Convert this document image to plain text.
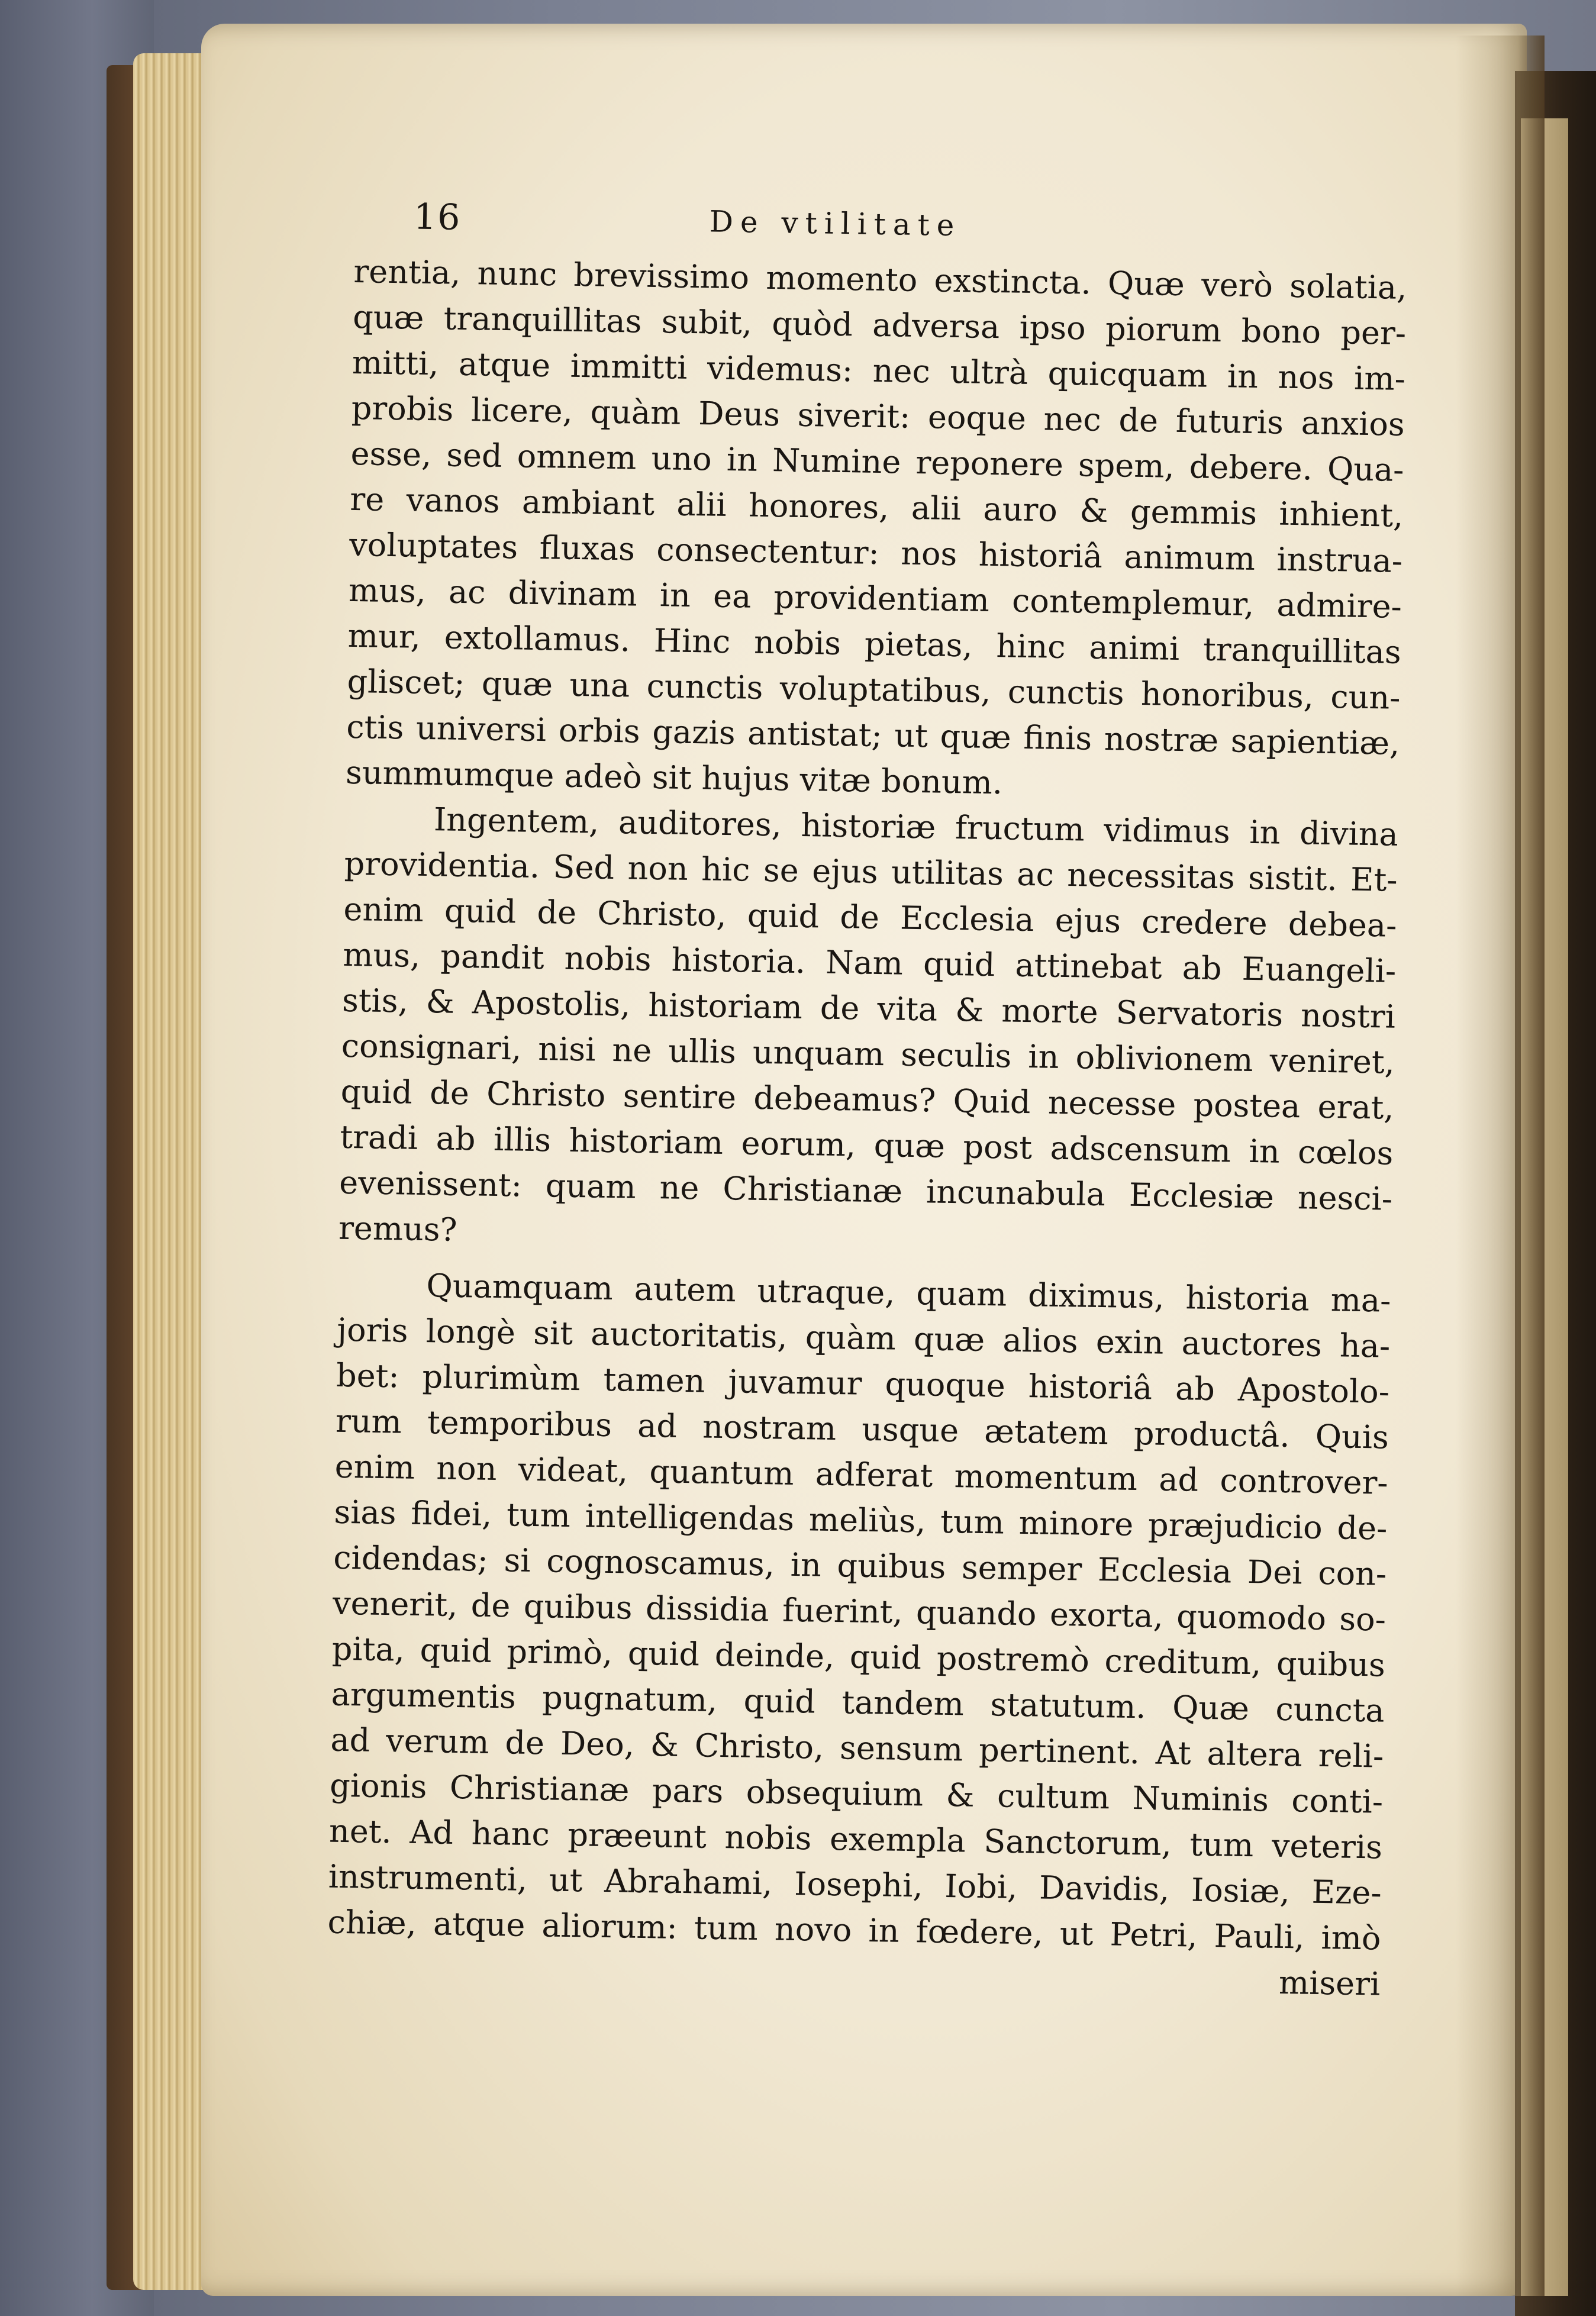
16	De vtilitate
rentia, nunc brevissimo momento exstincta. Quæ verò solatia,
quæ tranquillitas subit, quòd adversa ipso piorum bono per-
mitti, atque immitti videmus: nec ultrà quicquam in nos im-
probis licere, quàm Deus siverit: eoque nec de futuris anxios
esse, sed omnem uno in Numine reponere spem, debere. Qua-
re vanos ambiant alii honores, alii auro & gemmis inhient,
voluptates fluxas consectentur: nos historiâ animum instrua-
mus, ac divinam in ea providentiam contemplemur, admire-
mur, extollamus. Hinc nobis pietas, hinc animi tranquillitas
gliscet; quæ una cunctis voluptatibus, cunctis honoribus, cun-
ctis universi orbis gazis antistat; ut quæ finis nostræ sapientiæ,
summumque adeò sit hujus vitæ bonum.
Ingentem, auditores, historiæ fructum vidimus in divina
providentia. Sed non hic se ejus utilitas ac necessitas sistit. Et-
enim quid de Christo, quid de Ecclesia ejus credere debea-
mus, pandit nobis historia. Nam quid attinebat ab Euangeli-
stis, & Apostolis, historiam de vita & morte Servatoris nostri
consignari, nisi ne ullis unquam seculis in oblivionem veniret,
quid de Christo sentire debeamus? Quid necesse postea erat,
tradi ab illis historiam eorum, quæ post adscensum in cœlos
evenissent: quam ne Christianæ incunabula Ecclesiæ nesci-
remus?
Quamquam autem utraque, quam diximus, historia ma-
joris longè sit auctoritatis, quàm quæ alios exin auctores ha-
bet: plurimùm tamen juvamur quoque historiâ ab Apostolo-
rum temporibus ad nostram usque ætatem productâ. Quis
enim non videat, quantum adferat momentum ad controver-
sias fidei, tum intelligendas meliùs, tum minore præjudicio de-
cidendas; si cognoscamus, in quibus semper Ecclesia Dei con-
venerit, de quibus dissidia fuerint, quando exorta, quomodo so-
pita, quid primò, quid deinde, quid postremò creditum, quibus
argumentis pugnatum, quid tandem statutum. Quæ cuncta
ad verum de Deo, & Christo, sensum pertinent. At altera reli-
gionis Christianæ pars obsequium & cultum Numinis conti-
net. Ad hanc præeunt nobis exempla Sanctorum, tum veteris
instrumenti, ut Abrahami, Iosephi, Iobi, Davidis, Iosiæ, Eze-
chiæ, atque aliorum: tum novo in fœdere, ut Petri, Pauli, imò
miseri
